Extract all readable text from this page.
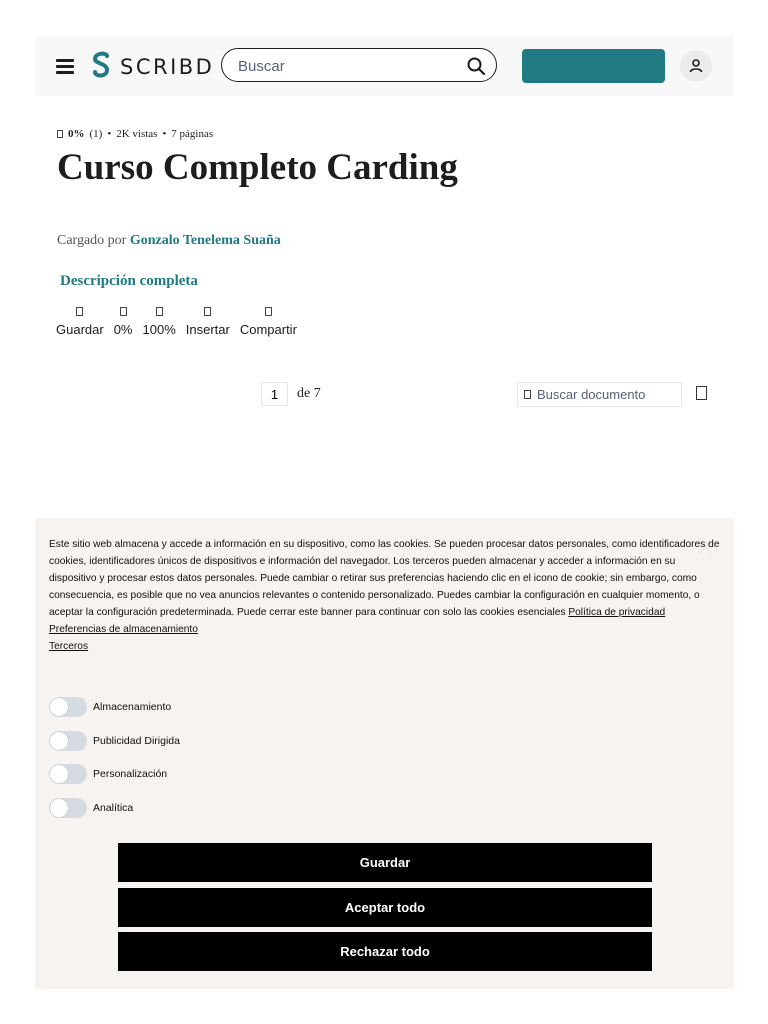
SCRIBD
Buscar
0% (1) • 2K vistas • 7 páginas
Curso Completo Carding
Cargado por Gonzalo Tenelema Suaña
Descripción completa
Guardar 0% 100% Insertar Compartir
1
de 7	Buscar documento
Este sitio web almacena y accede a información en su dispositivo, como las cookies. Se pueden procesar datos personales, como identificadores de cookies, identificadores únicos de dispositivos e información del navegador. Los terceros pueden almacenar y acceder a información en su dispositivo y procesar estos datos personales. Puede cambiar o retirar sus preferencias haciendo clic en el icono de cookie; sin embargo, como consecuencia, es posible que no vea anuncios relevantes o contenido personalizado. Puedes cambiar la configuración en cualquier momento, o aceptar la configuración predeterminada. Puede cerrar este banner para continuar con solo las cookies esenciales Política de privacidad
Preferencias de almacenamiento
Terceros
Almacenamiento
Publicidad Dirigida
Personalización
Analítica
Guardar
Aceptar todo
Rechazar todo
